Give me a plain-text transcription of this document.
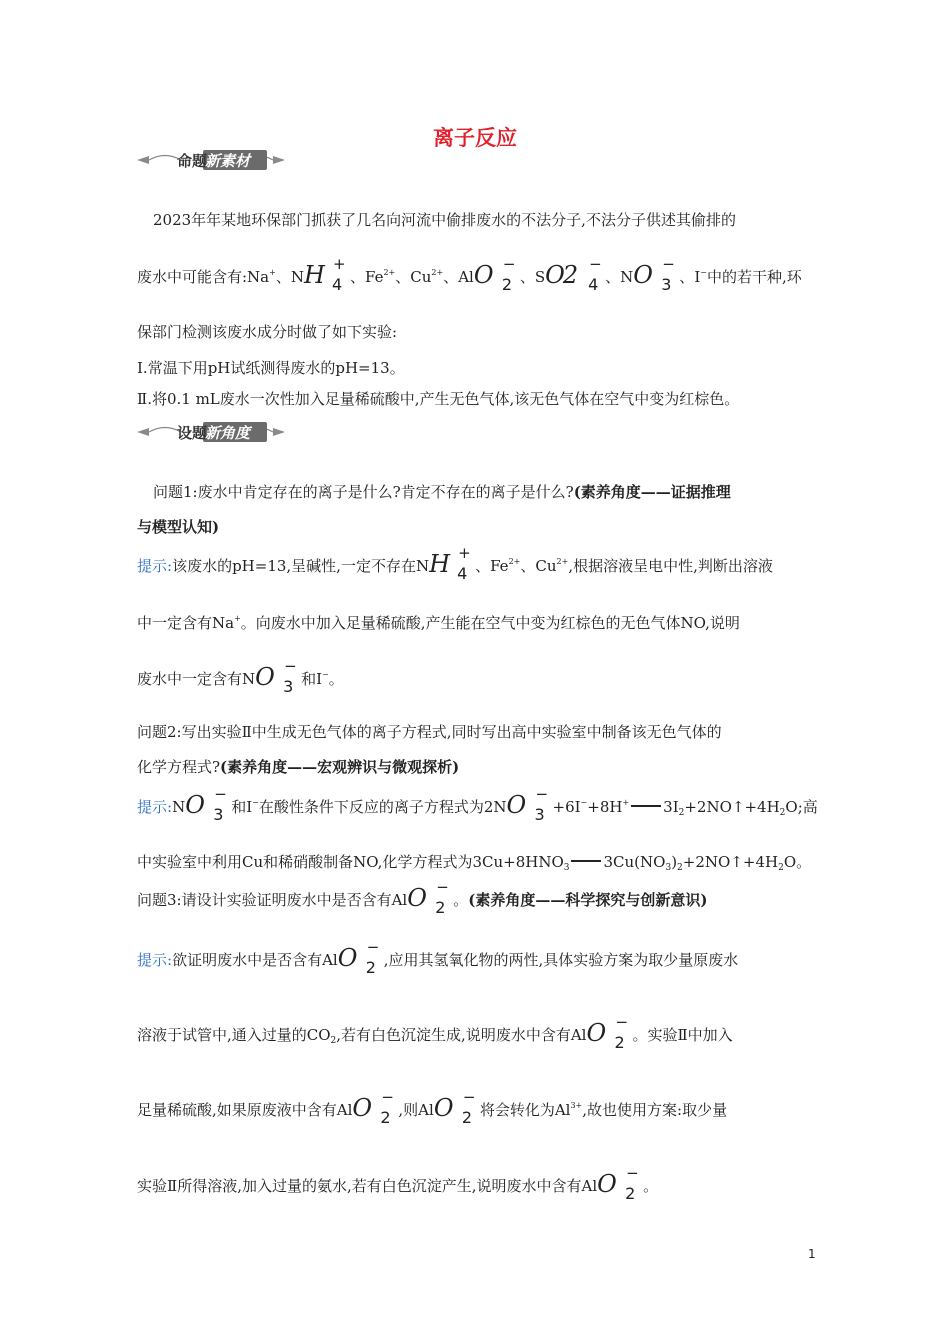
离子反应
命题
新素材
2023年年某地环保部门抓获了几名向河流中偷排废水的不法分子,不法分子供述其偷排的
废水中可能含有:Na+、N H +
4 、$Fe^{2+}$、$Cu^{2+}$、Al O −
2 、S O2 −
4 、N O −
3 、I−中的若干种,环
保部门检测该废水成分时做了如下实验:
Ⅰ.常温下用pH试纸测得废水的pH=13。
Ⅱ.将0.1 mL废水一次性加入足量稀硫酸中,产生无色气体,该无色气体在空气中变为红棕色。
设题
新角度
问题1:废水中肯定存在的离子是什么?肯定不存在的离子是什么?(素养角度——证据推理
与模型认知)
提示:该废水的pH=13,呈碱性,一定不存在N H +
4 、$Fe^{2+}$、$Cu^{2+}$,根据溶液呈电中性,判断出溶液
中一定含有Na+。向废水中加入足量稀硫酸,产生能在空气中变为红棕色的无色气体NO,说明
废水中一定含有N O −
3 和I−。
问题2:写出实验Ⅱ中生成无色气体的离子方程式,同时写出高中实验室中制备该无色气体的
化学方程式?(素养角度——宏观辨识与微观探析)
提示:N O −
3 和I−在酸性条件下反应的离子方程式为2N O −
3 +6I−+8H+ $3I_2+2NO↑+4H_2O$;高
中实验室中利用Cu和稀硝酸制备NO,化学方程式为$3Cu+8HNO_3$ $3Cu(NO_3)_2+2NO↑+4H_2O$。
问题3:请设计实验证明废水中是否含有Al O −
2 。(素养角度——科学探究与创新意识)
提示:欲证明废水中是否含有Al O −
2 ,应用其氢氧化物的两性,具体实验方案为取少量原废水
溶液于试管中,通入过量的$CO_2$,若有白色沉淀生成,说明废水中含有Al O −
2 。实验Ⅱ中加入
足量稀硫酸,如果原废液中含有Al O −
2 ,则Al O −
2 将会转化为$Al^{3+}$,故也使用方案:取少量
实验Ⅱ所得溶液,加入过量的氨水,若有白色沉淀产生,说明废水中含有Al O −
2 。
1
